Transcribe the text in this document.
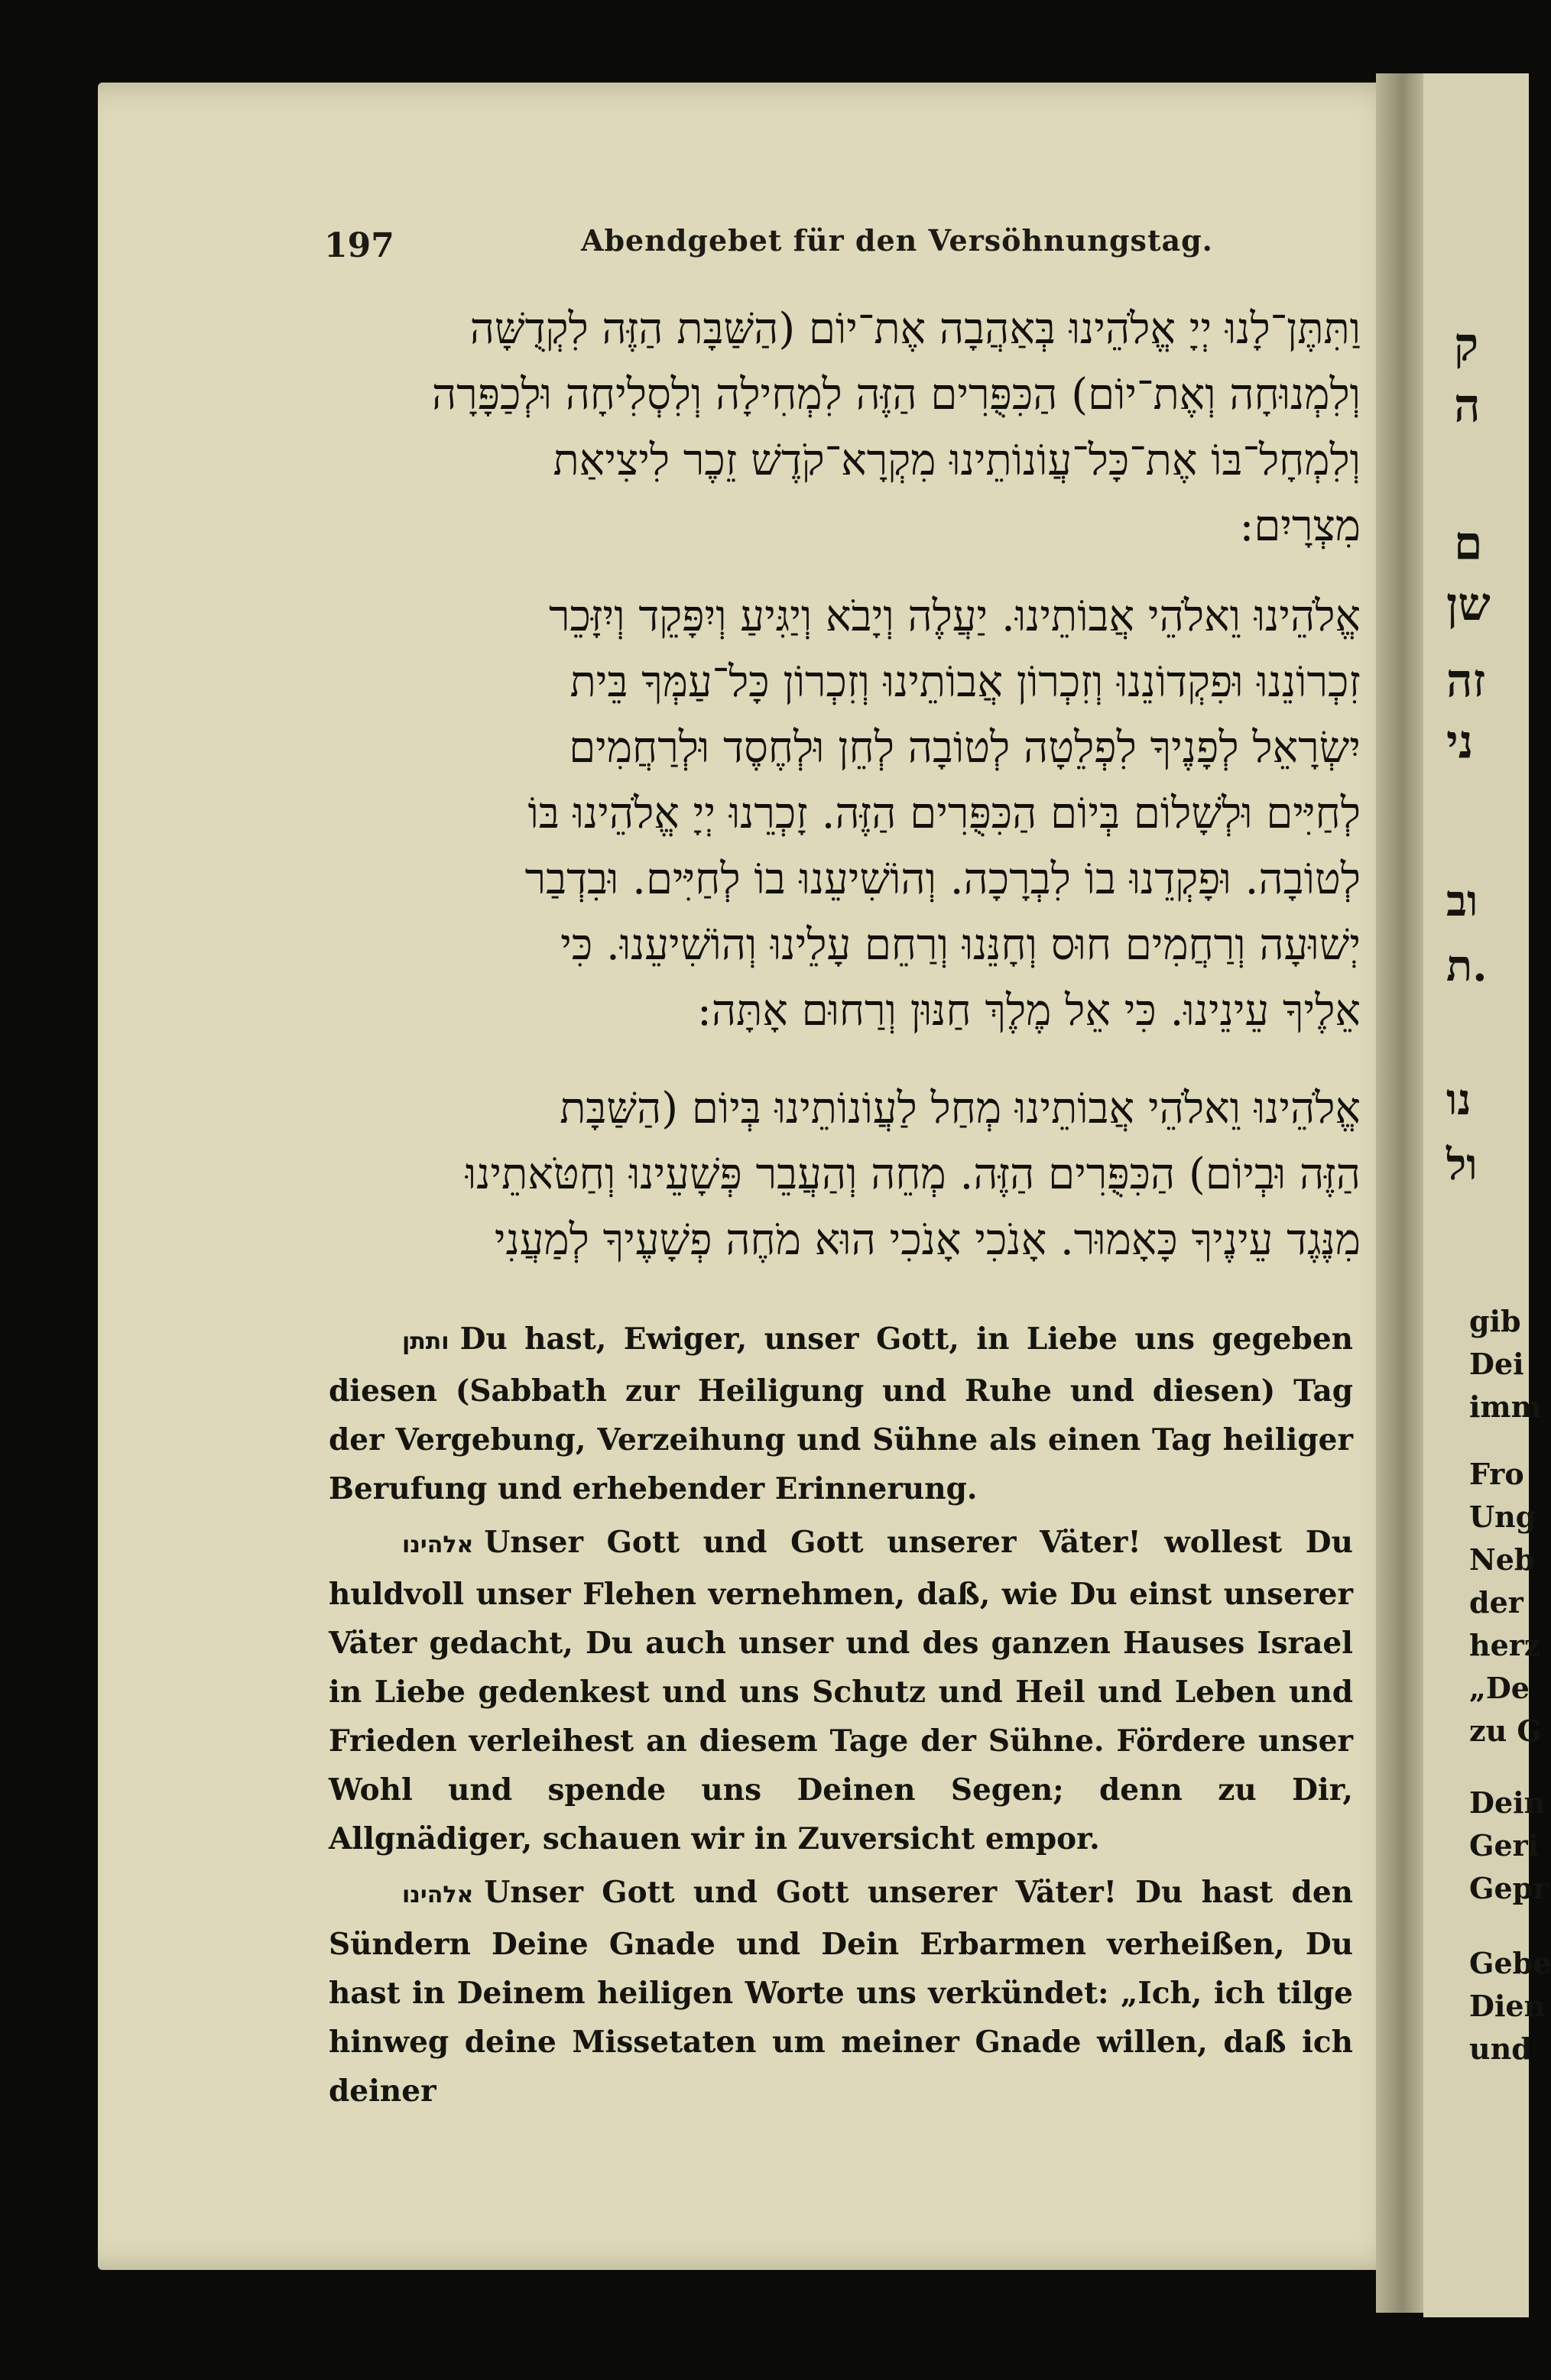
ק
ה
ם
שן
זה
ני
וב
ת.
נו
ול
gib
Dei
imm
Fro
Ung
Neb
der
herz
„De
zu G
Dein
Geri
Gepr
Gebe
Dien
und
197	Abendgebet für den Versöhnungstag.
וַתִּתֶּן־לָנוּ יְיָ אֱלֹהֵינוּ בְּאַהֲבָה אֶת־יוֹם (הַשַּׁבָּת הַזֶּה לִקְדֻשָּׁה
וְלִמְנוּחָה וְאֶת־יוֹם) הַכִּפֻּרִים הַזֶּה לִמְחִילָה וְלִסְלִיחָה וּלְכַפָּרָה
וְלִמְחָל־בּוֹ אֶת־כָּל־עֲוֹנוֹתֵינוּ מִקְרָא־קֹדֶשׁ זֵכֶר לִיצִיאַת
מִצְרָיִם:
אֱלֹהֵינוּ וֵאלֹהֵי אֲבוֹתֵינוּ. יַעֲלֶה וְיָבֹא וְיַגִּיעַ וְיִפָּקֵד וְיִזָּכֵר
זִכְרוֹנֵנוּ וּפִקְדוֹנֵנוּ וְזִכְרוֹן אֲבוֹתֵינוּ וְזִכְרוֹן כָּל־עַמְּךָ בֵּית
יִשְׂרָאֵל לְפָנֶיךָ לִפְלֵטָה לְטוֹבָה לְחֵן וּלְחֶסֶד וּלְרַחֲמִים
לְחַיִּים וּלְשָׁלוֹם בְּיוֹם הַכִּפֻּרִים הַזֶּה. זָכְרֵנוּ יְיָ אֱלֹהֵינוּ בּוֹ
לְטוֹבָה. וּפָקְדֵנוּ בוֹ לִבְרָכָה. וְהוֹשִׁיעֵנוּ בוֹ לְחַיִּים. וּבִדְבַר
יְשׁוּעָה וְרַחֲמִים חוּס וְחָנֵּנוּ וְרַחֵם עָלֵינוּ וְהוֹשִׁיעֵנוּ. כִּי
אֵלֶיךָ עֵינֵינוּ. כִּי אֵל מֶלֶךְ חַנּוּן וְרַחוּם אָתָּה:
אֱלֹהֵינוּ וֵאלֹהֵי אֲבוֹתֵינוּ מְחַל לַעֲוֹנוֹתֵינוּ בְּיוֹם (הַשַּׁבָּת
הַזֶּה וּבְיוֹם) הַכִּפֻּרִים הַזֶּה. מְחֵה וְהַעֲבֵר פְּשָׁעֵינוּ וְחַטֹּאתֵינוּ
מִנֶּגֶד עֵינֶיךָ כָּאָמוּר. אָנֹכִי אָנֹכִי הוּא מֹחֶה פְשָׁעֶיךָ לְמַעֲנִי

ותתן Du hast, Ewiger, unser Gott, in Liebe uns gegeben diesen (Sabbath zur Heiligung und Ruhe und diesen) Tag der Vergebung, Verzeihung und Sühne als einen Tag heiliger Berufung und erhebender Erinnerung.

אלהינו Unser Gott und Gott unserer Väter! wollest Du huldvoll unser Flehen vernehmen, daß, wie Du einst unserer Väter gedacht, Du auch unser und des ganzen Hauses Israel in Liebe gedenkest und uns Schutz und Heil und Leben und Frieden verleihest an diesem Tage der Sühne. Fördere unser Wohl und spende uns Deinen Segen; denn zu Dir, Allgnädiger, schauen wir in Zuversicht empor.

אלהינו Unser Gott und Gott unserer Väter! Du hast den Sündern Deine Gnade und Dein Erbarmen verheißen, Du hast in Deinem heiligen Worte uns verkündet: „Ich, ich tilge hinweg deine Missetaten um meiner Gnade willen, daß ich deiner
